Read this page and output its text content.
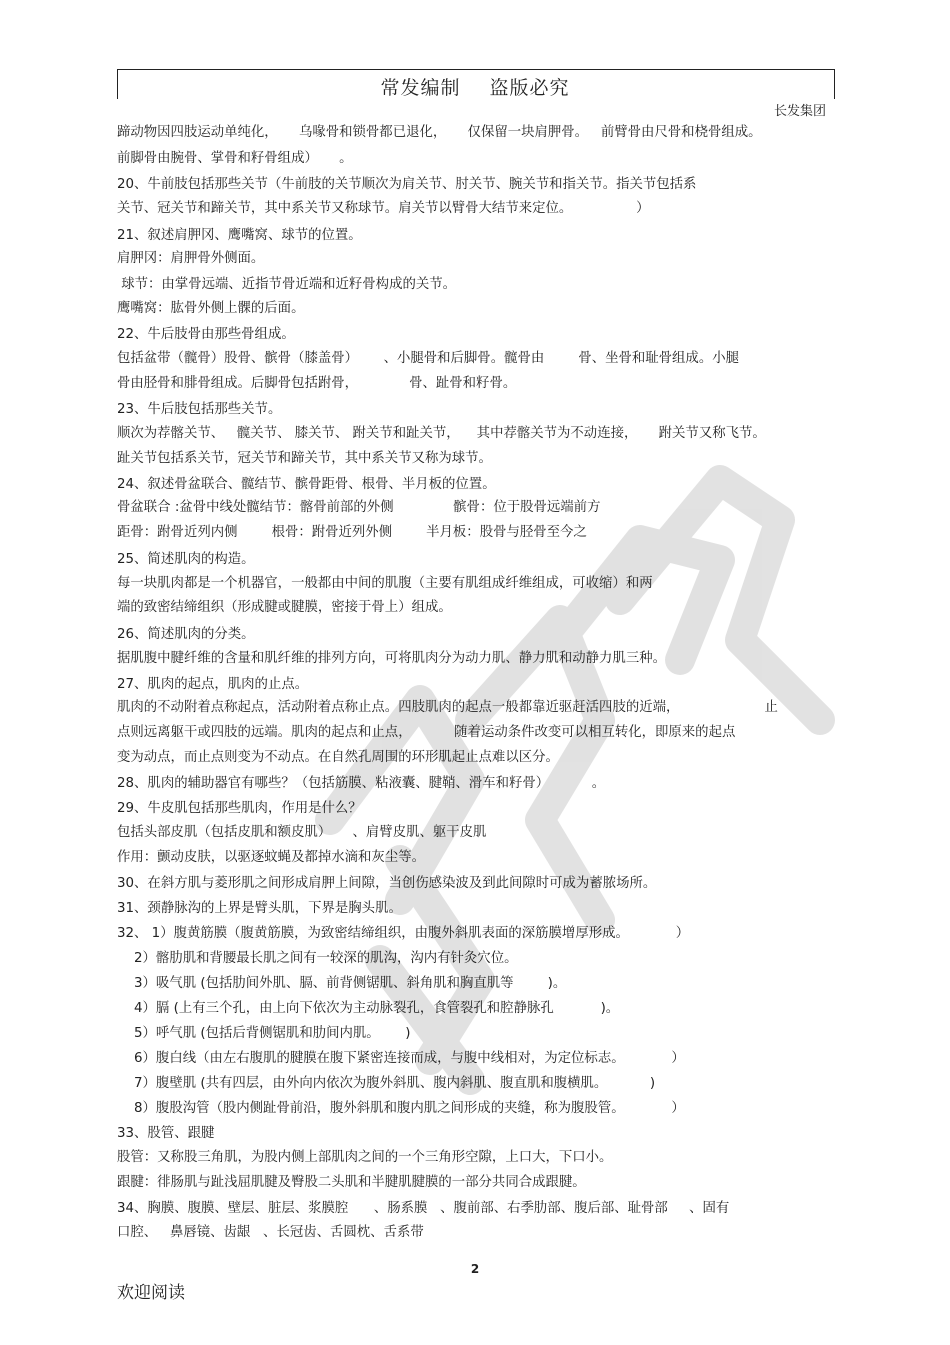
常发编制 盗版必究
长发集团
蹄动物因四肢运动单纯化，     乌喙骨和锁骨都已退化，     仅保留一块肩胛骨。   前臂骨由尺骨和桡骨组成。
前脚骨由腕骨、掌骨和籽骨组成）     。
20、牛前肢包括那些关节（牛前肢的关节顺次为肩关节、肘关节、腕关节和指关节。指关节包括系
关节、冠关节和蹄关节，其中系关节又称球节。肩关节以臂骨大结节来定位。               ）
21、叙述肩胛冈、鹰嘴窝、球节的位置。
肩胛冈：肩胛骨外侧面。
球节：由掌骨远端、近指节骨近端和近籽骨构成的关节。
鹰嘴窝：肱骨外侧上髁的后面。
22、牛后肢骨由那些骨组成。
包括盆带（髋骨）股骨、髌骨（膝盖骨）      、小腿骨和后脚骨。髋骨由        骨、坐骨和耻骨组成。小腿
骨由胫骨和腓骨组成。后脚骨包括跗骨，            骨、趾骨和籽骨。
23、牛后肢包括那些关节。
顺次为荐髂关节、   髋关节、 膝关节、 跗关节和趾关节，    其中荐髂关节为不动连接，     跗关节又称飞节。
趾关节包括系关节，冠关节和蹄关节，其中系关节又称为球节。
24、叙述骨盆联合、髋结节、髌骨距骨、根骨、半月板的位置。
骨盆联合 :盆骨中线处髋结节：髂骨前部的外侧              髌骨：位于股骨远端前方
距骨：跗骨近列内侧        根骨：跗骨近列外侧        半月板：股骨与胫骨至今之
25、简述肌肉的构造。
每一块肌肉都是一个机器官，一般都由中间的肌腹（主要有肌组成纤维组成，可收缩）和两
端的致密结缔组织（形成腱或腱膜，密接于骨上）组成。
26、简述肌肉的分类。
据肌腹中腱纤维的含量和肌纤维的排列方向，可将肌肉分为动力肌、静力肌和动静力肌三种。
27、肌肉的起点，肌肉的止点。
肌肉的不动附着点称起点，活动附着点称止点。四肢肌肉的起点一般都靠近驱赶活四肢的近端，                    止
点则远离躯干或四肢的远端。肌肉的起点和止点，          随着运动条件改变可以相互转化，即原来的起点
变为动点，而止点则变为不动点。在自然孔周围的环形肌起止点难以区分。
28、肌肉的辅助器官有哪些？（包括筋膜、粘液囊、腱鞘、滑车和籽骨）          。
29、牛皮肌包括那些肌肉，作用是什么？
包括头部皮肌（包括皮肌和额皮肌）     、肩臂皮肌、躯干皮肌
作用：颤动皮肤，以驱逐蚊蝇及都掉水滴和灰尘等。
30、在斜方肌与菱形肌之间形成肩胛上间隙，当创伤感染波及到此间隙时可成为蓄脓场所。
31、颈静脉沟的上界是臂头肌，下界是胸头肌。
32、 1）腹黄筋膜（腹黄筋膜，为致密结缔组织，由腹外斜肌表面的深筋膜增厚形成。           ）
2）髂肋肌和背腰最长肌之间有一较深的肌沟，沟内有针灸穴位。
3）吸气肌 (包括肋间外肌、膈、前背侧锯肌、斜角肌和胸直肌等        )。
4）膈 (上有三个孔，由上向下依次为主动脉裂孔，食管裂孔和腔静脉孔           )。
5）呼气肌 (包括后背侧锯肌和肋间内肌。      )
6）腹白线（由左右腹肌的腱膜在腹下紧密连接而成，与腹中线相对，为定位标志。           ）
7）腹壁肌 (共有四层，由外向内依次为腹外斜肌、腹内斜肌、腹直肌和腹横肌。          )
8）腹股沟管（股内侧趾骨前沿，腹外斜肌和腹内肌之间形成的夹缝，称为腹股管。           ）
33、股管、跟腱
股管：又称股三角肌，为股内侧上部肌肉之间的一个三角形空隙，上口大，下口小。
跟腱：徘肠肌与趾浅屈肌腱及臀股二头肌和半腱肌腱膜的一部分共同合成跟腱。
34、胸膜、腹膜、壁层、脏层、浆膜腔      、肠系膜   、腹前部、右季肋部、腹后部、耻骨部     、固有
口腔、   鼻唇镜、齿龈   、长冠齿、舌圆枕、舌系带
2
欢迎阅读
